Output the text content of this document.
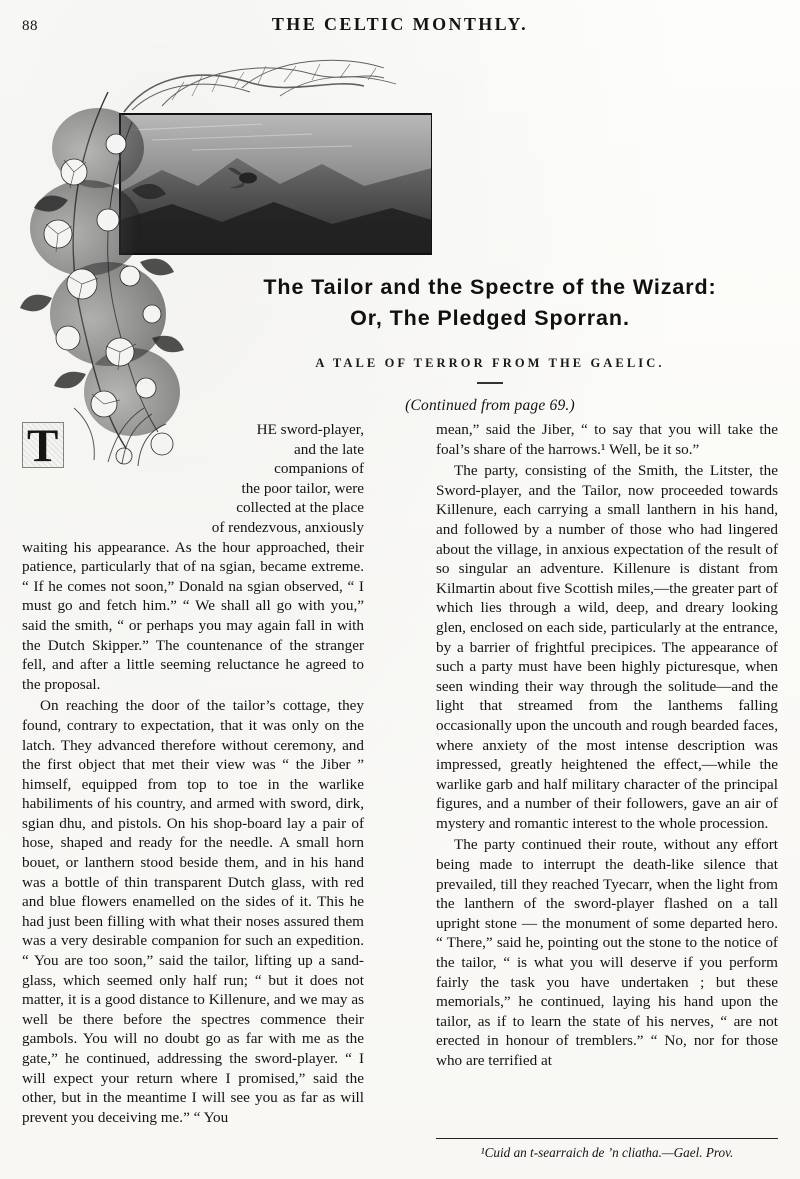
88	THE CELTIC MONTHLY.
The Tailor and the Spectre of the Wizard:
Or, The Pledged Sporran.
A TALE OF TERROR FROM THE GAELIC.
(Continued from page 69.)
T	HE sword-player,
and the late
companions of
the poor tailor, were
collected at the place
of rendezvous, anxiously

waiting his appearance. As the hour approached, their patience, particularly that of na sgian, became extreme. “ If he comes not soon,” Donald na sgian observed, “ I must go and fetch him.” “ We shall all go with you,” said the smith, “ or perhaps you may again fall in with the Dutch Skipper.” The countenance of the stranger fell, and after a little seeming reluctance he agreed to the proposal.

On reaching the door of the tailor’s cottage, they found, contrary to expectation, that it was only on the latch. They advanced therefore without ceremony, and the first object that met their view was “ the Jiber ” himself, equipped from top to toe in the warlike habiliments of his country, and armed with sword, dirk, sgian dhu, and pistols. On his shop-board lay a pair of hose, shaped and ready for the needle. A small horn bouet, or lanthern stood beside them, and in his hand was a bottle of thin transparent Dutch glass, with red and blue flowers enamelled on the sides of it. This he had just been filling with what their noses assured them was a very desirable companion for such an expedition. “ You are too soon,” said the tailor, lifting up a sand-glass, which seemed only half run; “ but it does not matter, it is a good distance to Killenure, and we may as well be there before the spectres commence their gambols. You will no doubt go as far with me as the gate,” he continued, addressing the sword-player. “ I will expect your return where I promised,” said the other, but in the meantime I will see you as far as will prevent you deceiving me.” “ You

mean,” said the Jiber, “ to say that you will take the foal’s share of the harrows.¹ Well, be it so.”

The party, consisting of the Smith, the Litster, the Sword-player, and the Tailor, now proceeded towards Killenure, each carrying a small lanthern in his hand, and followed by a number of those who had lingered about the village, in anxious expectation of the result of so singular an adventure. Killenure is distant from Kilmartin about five Scottish miles,—the greater part of which lies through a wild, deep, and dreary looking glen, enclosed on each side, particularly at the entrance, by a barrier of frightful precipices. The appearance of such a party must have been highly picturesque, when seen winding their way through the solitude—and the light that streamed from the lanthems falling occasionally upon the uncouth and rough bearded faces, where anxiety of the most intense description was impressed, greatly heightened the effect,—while the warlike garb and half military character of the principal figures, and a number of their followers, gave an air of mystery and romantic interest to the whole procession.

The party continued their route, without any effort being made to interrupt the death-like silence that prevailed, till they reached Tyecarr, when the light from the lanthern of the sword-player flashed on a tall upright stone — the monument of some departed hero. “ There,” said he, pointing out the stone to the notice of the tailor, “ is what you will deserve if you perform fairly the task you have undertaken ; but these memorials,” he continued, laying his hand upon the tailor, as if to learn the state of his nerves, “ are not erected in honour of tremblers.” “ No, nor for those who are terrified at

¹Cuid an t-searraich de ’n cliatha.—Gael. Prov.
